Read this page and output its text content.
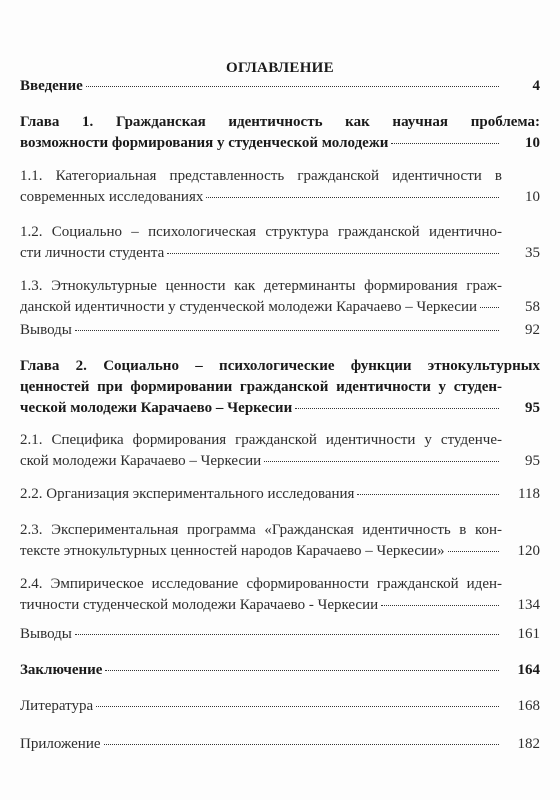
ОГЛАВЛЕНИЕ
Введение	4
Глава 1. Гражданская идентичность как научная проблема:
возможности формирования у студенческой молодежи	10
1.1. Категориальная представленность гражданской идентичности в
современных исследованиях	10
1.2. Социально – психологическая структура гражданской идентично-
сти личности студента	35
1.3. Этнокультурные ценности как детерминанты формирования граж-
данской идентичности у студенческой молодежи Карачаево – Черкесии	58
Выводы	92
Глава 2. Социально – психологические функции этнокультурных
ценностей при формировании гражданской идентичности у студен-
ческой молодежи Карачаево – Черкесии	95
2.1. Специфика формирования гражданской идентичности у студенче-
ской молодежи Карачаево – Черкесии	95
2.2. Организация экспериментального исследования	118
2.3. Экспериментальная программа «Гражданская идентичность в кон-
тексте этнокультурных ценностей народов Карачаево – Черкесии»	120
2.4. Эмпирическое исследование сформированности гражданской иден-
тичности студенческой молодежи Карачаево - Черкесии	134
Выводы	161
Заключение	164
Литература	168
Приложение	182
